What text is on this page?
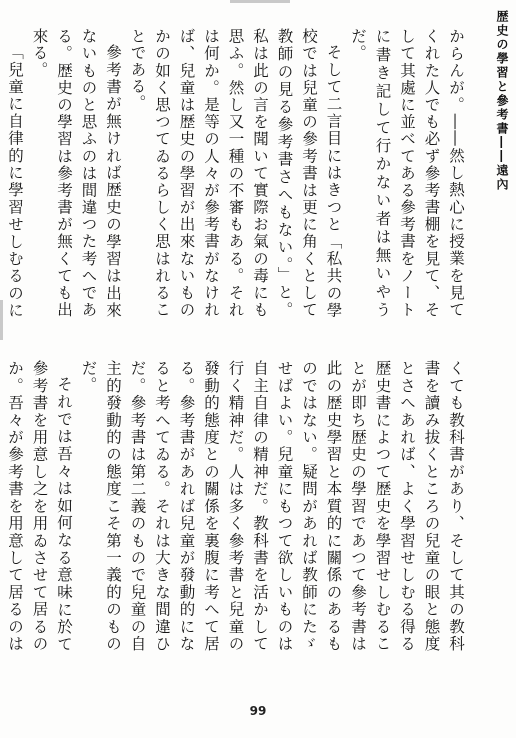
歴史の學習と參考書――遠內

からんが。――然し熱心に授業を見てくれた人でも必ず參考書棚を見て、そして其處に並べてある參考書をノートに書き記して行かない者は無いやうだ。

そして二言目にはきつと「私共の學校では兒童の參考書は更に角くとして教師の見る參考書さへもない。」と。私は此の言を聞いて實際お氣の毒にも思ふ。然し又一種の不審もある。それは何か。是等の人々が參考書がなければ、兒童は歴史の學習が出來ないものかの如く思つてゐるらしく思はれることである。

參考書が無ければ歴史の學習は出來ないものと思ふのは間違つた考へである。歴史の學習は參考書が無くても出來る。

「兒童に自律的に學習せしむるのに

くても教科書があり、そして其の教科書を讀み拔くところの兒童の眼と態度とさへあれば、よく學習せしむる得る歴史書によつて歴史を學習せしむることが即ち歴史の學習であつて參考書は此の歴史學習と本質的に關係のあるものではない。疑問があれば教師にたゞせばよい。兒童にもつて欲しいものは自主自律の精神だ。教科書を活かして行く精神だ。人は多く參考書と兒童の發動的態度との關係を裏腹に考へて居る。參考書があれば兒童が發動的になると考へてゐる。それは大きな間違ひだ。參考書は第二義のもので兒童の自主的發動的の態度こそ第一義的のものだ。

それでは吾々は如何なる意味に於て參考書を用意し之を用ゐさせて居るのか。吾々が參考書を用意して居るのは

99
